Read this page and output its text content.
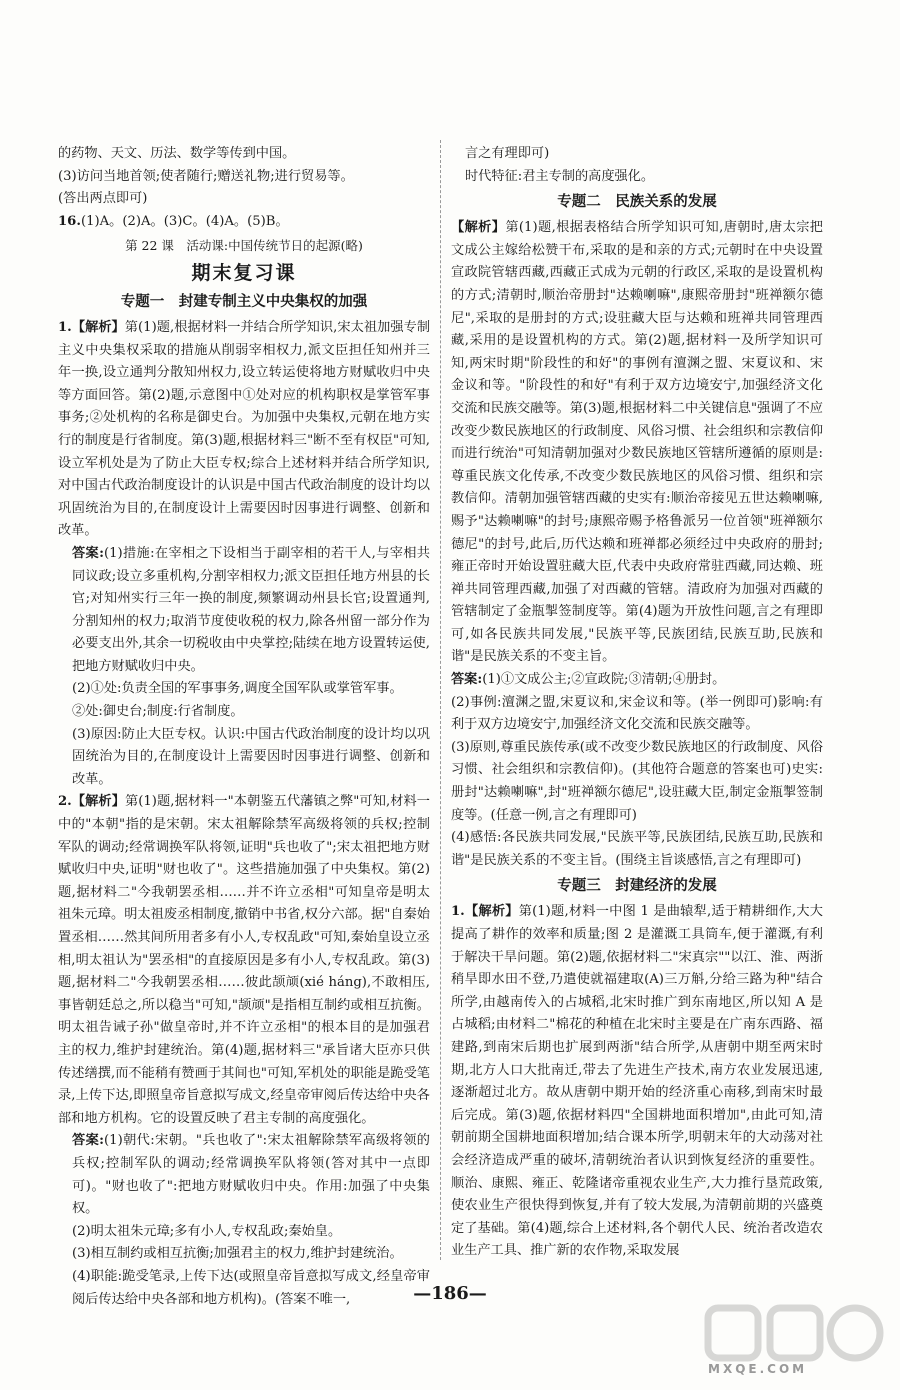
的药物、天文、历法、数学等传到中国。

(3)访问当地首领;使者随行;赠送礼物;进行贸易等。

(答出两点即可)

16.(1)A。(2)A。(3)C。(4)A。(5)B。

第 22 课　活动课:中国传统节日的起源(略)

期末复习课

专题一　封建专制主义中央集权的加强

1.【解析】第(1)题,根据材料一并结合所学知识,宋太祖加强专制主义中央集权采取的措施从削弱宰相权力,派文臣担任知州并三年一换,设立通判分散知州权力,设立转运使将地方财赋收归中央等方面回答。第(2)题,示意图中①处对应的机构职权是掌管军事事务;②处机构的名称是御史台。为加强中央集权,元朝在地方实行的制度是行省制度。第(3)题,根据材料三"断不至有权臣"可知,设立军机处是为了防止大臣专权;综合上述材料并结合所学知识,对中国古代政治制度设计的认识是中国古代政治制度的设计均以巩固统治为目的,在制度设计上需要因时因事进行调整、创新和改革。

答案:(1)措施:在宰相之下设相当于副宰相的若干人,与宰相共同议政;设立多重机构,分割宰相权力;派文臣担任地方州县的长官;对知州实行三年一换的制度,频繁调动州县长官;设置通判,分割知州的权力;取消节度使收税的权力,除各州留一部分作为必要支出外,其余一切税收由中央掌控;陆续在地方设置转运使,把地方财赋收归中央。

(2)①处:负责全国的军事事务,调度全国军队或掌管军事。

②处:御史台;制度:行省制度。

(3)原因:防止大臣专权。认识:中国古代政治制度的设计均以巩固统治为目的,在制度设计上需要因时因事进行调整、创新和改革。

2.【解析】第(1)题,据材料一"本朝鉴五代藩镇之弊"可知,材料一中的"本朝"指的是宋朝。宋太祖解除禁军高级将领的兵权;控制军队的调动;经常调换军队将领,证明"兵也收了";宋太祖把地方财赋收归中央,证明"财也收了"。这些措施加强了中央集权。第(2)题,据材料二"今我朝罢丞相……并不许立丞相"可知皇帝是明太祖朱元璋。明太祖废丞相制度,撤销中书省,权分六部。据"自秦始置丞相……然其间所用者多有小人,专权乱政"可知,秦始皇设立丞相,明太祖认为"罢丞相"的直接原因是多有小人,专权乱政。第(3)题,据材料二"今我朝罢丞相……彼此颉颃(xié háng),不敢相压,事皆朝廷总之,所以稳当"可知,"颉颃"是指相互制约或相互抗衡。明太祖告诫子孙"做皇帝时,并不许立丞相"的根本目的是加强君主的权力,维护封建统治。第(4)题,据材料三"承旨诸大臣亦只供传述缮撰,而不能稍有赞画于其间也"可知,军机处的职能是跪受笔录,上传下达,即照皇帝旨意拟写成文,经皇帝审阅后传达给中央各部和地方机构。它的设置反映了君主专制的高度强化。

答案:(1)朝代:宋朝。"兵也收了":宋太祖解除禁军高级将领的兵权;控制军队的调动;经常调换军队将领(答对其中一点即可)。"财也收了":把地方财赋收归中央。作用:加强了中央集权。

(2)明太祖朱元璋;多有小人,专权乱政;秦始皇。

(3)相互制约或相互抗衡;加强君主的权力,维护封建统治。

(4)职能:跪受笔录,上传下达(或照皇帝旨意拟写成文,经皇帝审阅后传达给中央各部和地方机构)。(答案不唯一,

言之有理即可)

时代特征:君主专制的高度强化。

专题二　民族关系的发展

【解析】第(1)题,根据表格结合所学知识可知,唐朝时,唐太宗把文成公主嫁给松赞干布,采取的是和亲的方式;元朝时在中央设置宣政院管辖西藏,西藏正式成为元朝的行政区,采取的是设置机构的方式;清朝时,顺治帝册封"达赖喇嘛",康熙帝册封"班禅额尔德尼",采取的是册封的方式;设驻藏大臣与达赖和班禅共同管理西藏,采用的是设置机构的方式。第(2)题,据材料一及所学知识可知,两宋时期"阶段性的和好"的事例有澶渊之盟、宋夏议和、宋金议和等。"阶段性的和好"有利于双方边境安宁,加强经济文化交流和民族交融等。第(3)题,根据材料二中关键信息"强调了不应改变少数民族地区的行政制度、风俗习惯、社会组织和宗教信仰而进行统治"可知清朝加强对少数民族地区管辖所遵循的原则是:尊重民族文化传承,不改变少数民族地区的风俗习惯、组织和宗教信仰。清朝加强管辖西藏的史实有:顺治帝接见五世达赖喇嘛,赐予"达赖喇嘛"的封号;康熙帝赐予格鲁派另一位首领"班禅额尔德尼"的封号,此后,历代达赖和班禅都必须经过中央政府的册封;雍正帝时开始设置驻藏大臣,代表中央政府常驻西藏,同达赖、班禅共同管理西藏,加强了对西藏的管辖。清政府为加强对西藏的管辖制定了金瓶掣签制度等。第(4)题为开放性问题,言之有理即可,如各民族共同发展,"民族平等,民族团结,民族互助,民族和谐"是民族关系的不变主旨。

答案:(1)①文成公主;②宣政院;③清朝;④册封。

(2)事例:澶渊之盟,宋夏议和,宋金议和等。(举一例即可)影响:有利于双方边境安宁,加强经济文化交流和民族交融等。

(3)原则,尊重民族传承(或不改变少数民族地区的行政制度、风俗习惯、社会组织和宗教信仰)。(其他符合题意的答案也可)史实:册封"达赖喇嘛",封"班禅额尔德尼",设驻藏大臣,制定金瓶掣签制度等。(任意一例,言之有理即可)

(4)感悟:各民族共同发展,"民族平等,民族团结,民族互助,民族和谐"是民族关系的不变主旨。(围绕主旨谈感悟,言之有理即可)

专题三　封建经济的发展

1.【解析】第(1)题,材料一中图 1 是曲辕犁,适于精耕细作,大大提高了耕作的效率和质量;图 2 是灌溉工具筒车,便于灌溉,有利于解决干旱问题。第(2)题,依据材料二"宋真宗""以江、淮、两浙稍旱即水田不登,乃遣使就福建取(A)三万斛,分给三路为种"结合所学,由越南传入的占城稻,北宋时推广到东南地区,所以知 A 是占城稻;由材料二"棉花的种植在北宋时主要是在广南东西路、福建路,到南宋后期也扩展到两浙"结合所学,从唐朝中期至两宋时期,北方人口大批南迁,带去了先进生产技术,南方农业发展迅速,逐渐超过北方。故从唐朝中期开始的经济重心南移,到南宋时最后完成。第(3)题,依据材料四"全国耕地面积增加",由此可知,清朝前期全国耕地面积增加;结合课本所学,明朝末年的大动荡对社会经济造成严重的破坏,清朝统治者认识到恢复经济的重要性。顺治、康熙、雍正、乾隆诸帝重视农业生产,大力推行垦荒政策,使农业生产很快得到恢复,并有了较大发展,为清朝前期的兴盛奠定了基础。第(4)题,综合上述材料,各个朝代人民、统治者改造农业生产工具、推广新的农作物,采取发展

—186—
MXQE.COM
